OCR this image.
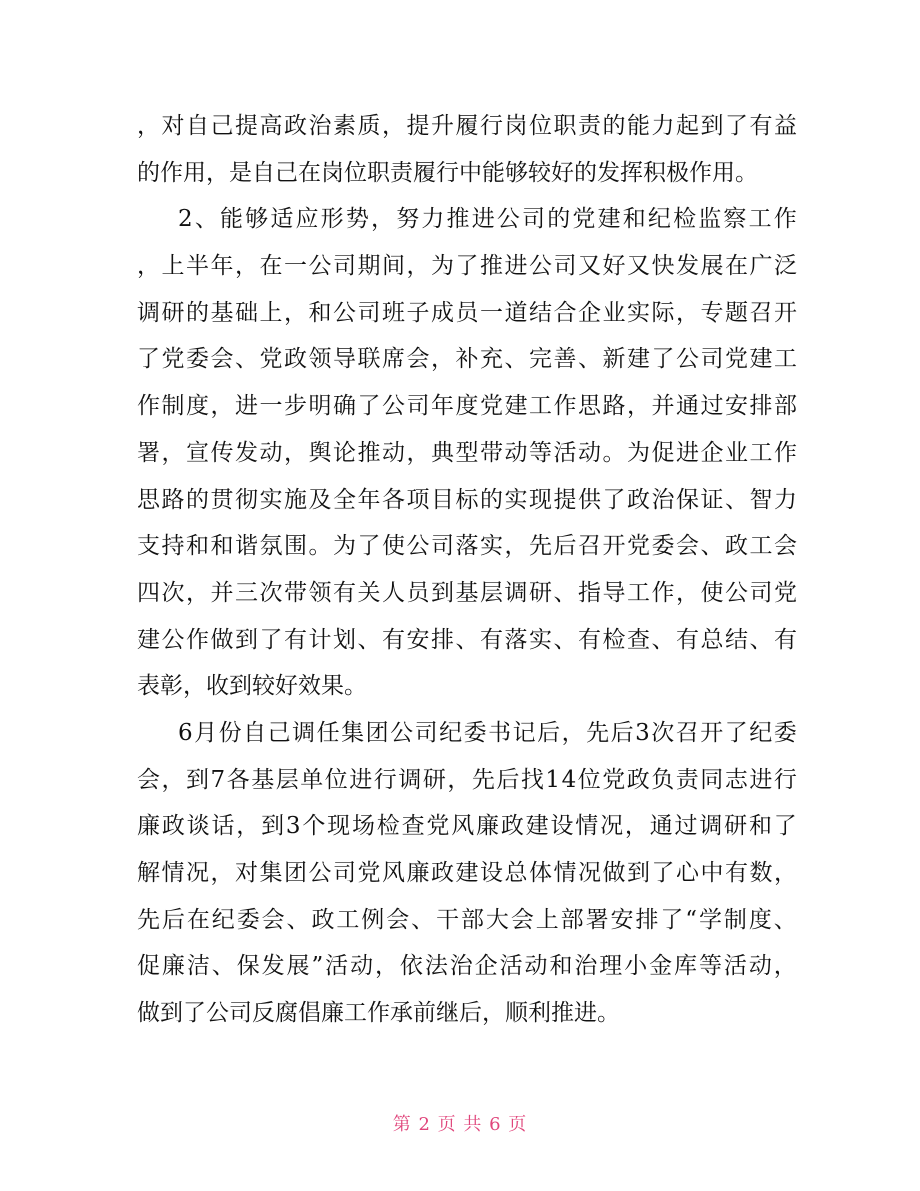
， 对 自 己 提 高 政 治 素 质 ， 提 升 履 行 岗 位 职 责 的 能 力 起 到 了 有 益
的作用，是自己在岗位职责履行中能够较好的发挥积极作用。
2 、 能 够 适 应 形 势 ， 努 力 推 进 公 司 的 党 建 和 纪 检 监 察 工 作
， 上 半 年 ， 在 一 公 司 期 间 ， 为 了 推 进 公 司 又 好 又 快 发 展 在 广 泛
调 研 的 基 础 上 ， 和 公 司 班 子 成 员 一 道 结 合 企 业 实 际 ， 专 题 召 开
了 党 委 会 、 党 政 领 导 联 席 会 ， 补 充 、 完 善 、 新 建 了 公 司 党 建 工
作 制 度 ， 进 一 步 明 确 了 公 司 年 度 党 建 工 作 思 路 ， 并 通 过 安 排 部
署 ， 宣 传 发 动 ， 舆 论 推 动 ， 典 型 带 动 等 活 动 。 为 促 进 企 业 工 作
思 路 的 贯 彻 实 施 及 全 年 各 项 目 标 的 实 现 提 供 了 政 治 保 证 、 智 力
支 持 和 和 谐 氛 围 。 为 了 使 公 司 落 实 ， 先 后 召 开 党 委 会 、 政 工 会
四 次 ， 并 三 次 带 领 有 关 人 员 到 基 层 调 研 、 指 导 工 作 ， 使 公 司 党
建 公 作 做 到 了 有 计 划 、 有 安 排 、 有 落 实 、 有 检 查 、 有 总 结 、 有
表彰，收到较好效果。
6 月 份 自 己 调 任 集 团 公 司 纪 委 书 记 后 ， 先 后 3 次 召 开 了 纪 委
会 ， 到 7 各 基 层 单 位 进 行 调 研 ， 先 后 找 1 4 位 党 政 负 责 同 志 进 行
廉 政 谈 话 ， 到 3 个 现 场 检 查 党 风 廉 政 建 设 情 况 ， 通 过 调 研 和 了
解 情 况 ， 对 集 团 公 司 党 风 廉 政 建 设 总 体 情 况 做 到 了 心 中 有 数 ，
先 后 在 纪 委 会 、 政 工 例 会 、 干 部 大 会 上 部 署 安 排 了 “ 学 制 度 、
促 廉 洁 、 保 发 展 ” 活 动 ， 依 法 治 企 活 动 和 治 理 小 金 库 等 活 动 ，
做到了公司反腐倡廉工作承前继后，顺利推进。
第 2 页 共 6 页
